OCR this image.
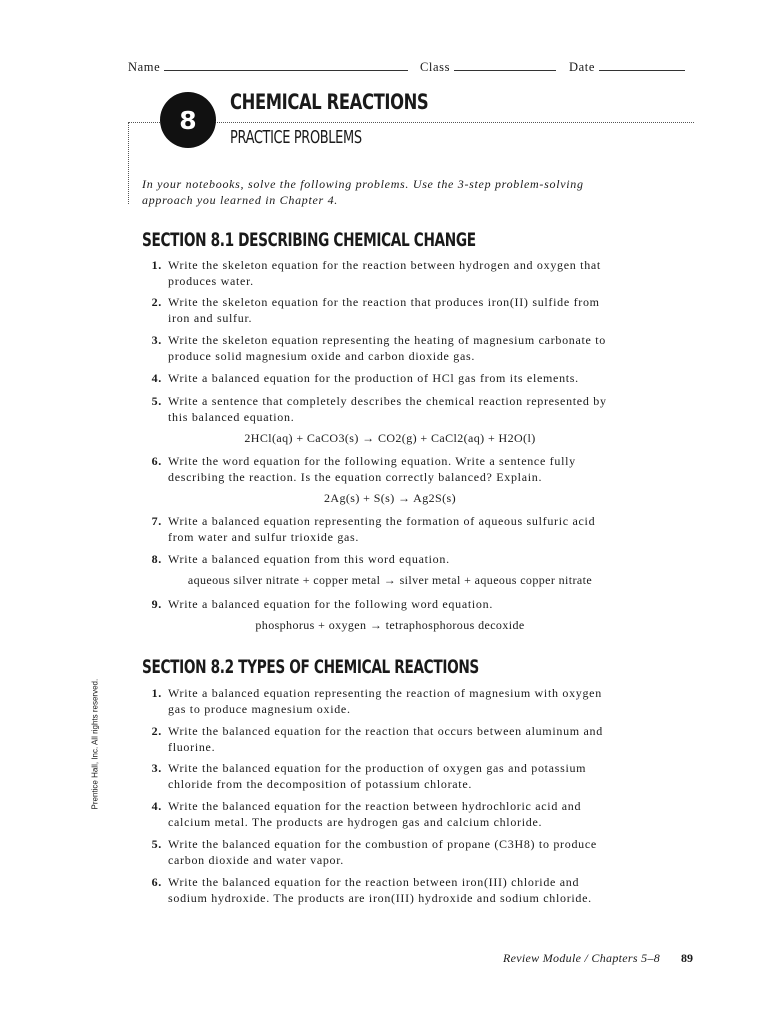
Name	Class	Date
8
CHEMICAL REACTIONS
PRACTICE PROBLEMS
In your notebooks, solve the following problems. Use the 3-step problem-solving approach you learned in Chapter 4.
SECTION 8.1 DESCRIBING CHEMICAL CHANGE
1. Write the skeleton equation for the reaction between hydrogen and oxygen that produces water.
2. Write the skeleton equation for the reaction that produces iron(II) sulfide from iron and sulfur.
3. Write the skeleton equation representing the heating of magnesium carbonate to produce solid magnesium oxide and carbon dioxide gas.
4. Write a balanced equation for the production of HCl gas from its elements.
5. Write a sentence that completely describes the chemical reaction represented by this balanced equation.
2HCl(aq) + CaCO3(s) → CO2(g) + CaCl2(aq) + H2O(l)
6. Write the word equation for the following equation. Write a sentence fully describing the reaction. Is the equation correctly balanced? Explain.
2Ag(s) + S(s) → Ag2S(s)
7. Write a balanced equation representing the formation of aqueous sulfuric acid from water and sulfur trioxide gas.
8. Write a balanced equation from this word equation.
aqueous silver nitrate + copper metal → silver metal + aqueous copper nitrate
9. Write a balanced equation for the following word equation.
phosphorus + oxygen → tetraphosphorous decoxide
SECTION 8.2 TYPES OF CHEMICAL REACTIONS
1. Write a balanced equation representing the reaction of magnesium with oxygen gas to produce magnesium oxide.
2. Write the balanced equation for the reaction that occurs between aluminum and fluorine.
3. Write the balanced equation for the production of oxygen gas and potassium chloride from the decomposition of potassium chlorate.
4. Write the balanced equation for the reaction between hydrochloric acid and calcium metal. The products are hydrogen gas and calcium chloride.
5. Write the balanced equation for the combustion of propane (C3H8) to produce carbon dioxide and water vapor.
6. Write the balanced equation for the reaction between iron(III) chloride and sodium hydroxide. The products are iron(III) hydroxide and sodium chloride.
Prentice Hall, Inc. All rights reserved.
Review Module / Chapters 5–8 89
